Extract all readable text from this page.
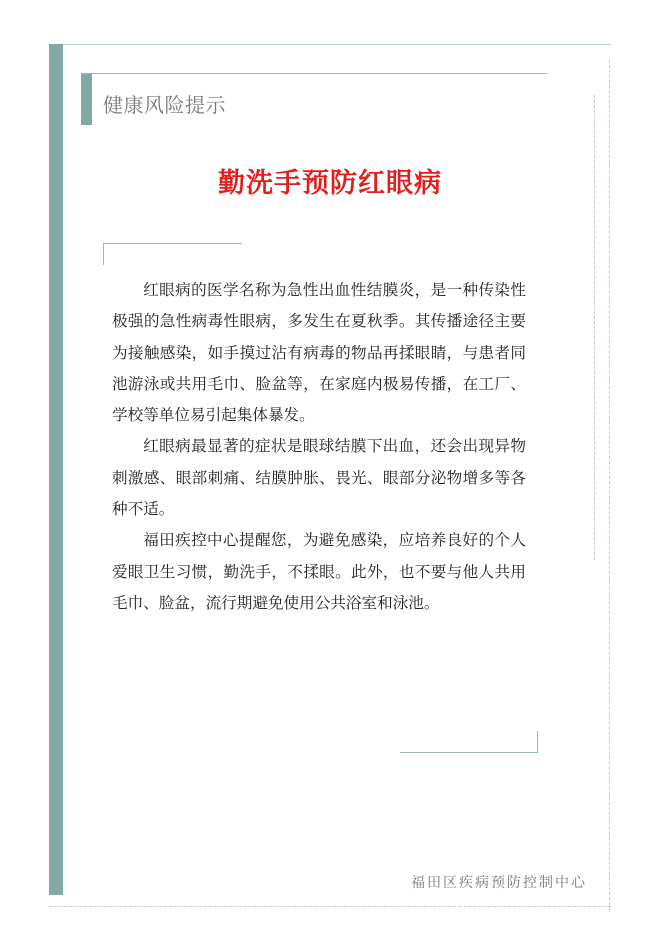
健康风险提示
勤洗手预防红眼病

红眼病的医学名称为急性出血性结膜炎，是一种传染性极强的急性病毒性眼病，多发生在夏秋季。其传播途径主要为接触感染，如手摸过沾有病毒的物品再揉眼睛，与患者同池游泳或共用毛巾、脸盆等，在家庭内极易传播，在工厂、学校等单位易引起集体暴发。

红眼病最显著的症状是眼球结膜下出血，还会出现异物刺激感、眼部刺痛、结膜肿胀、畏光、眼部分泌物增多等各种不适。

福田疾控中心提醒您，为避免感染，应培养良好的个人爱眼卫生习惯，勤洗手，不揉眼。此外，也不要与他人共用毛巾、脸盆，流行期避免使用公共浴室和泳池。

福田区疾病预防控制中心
